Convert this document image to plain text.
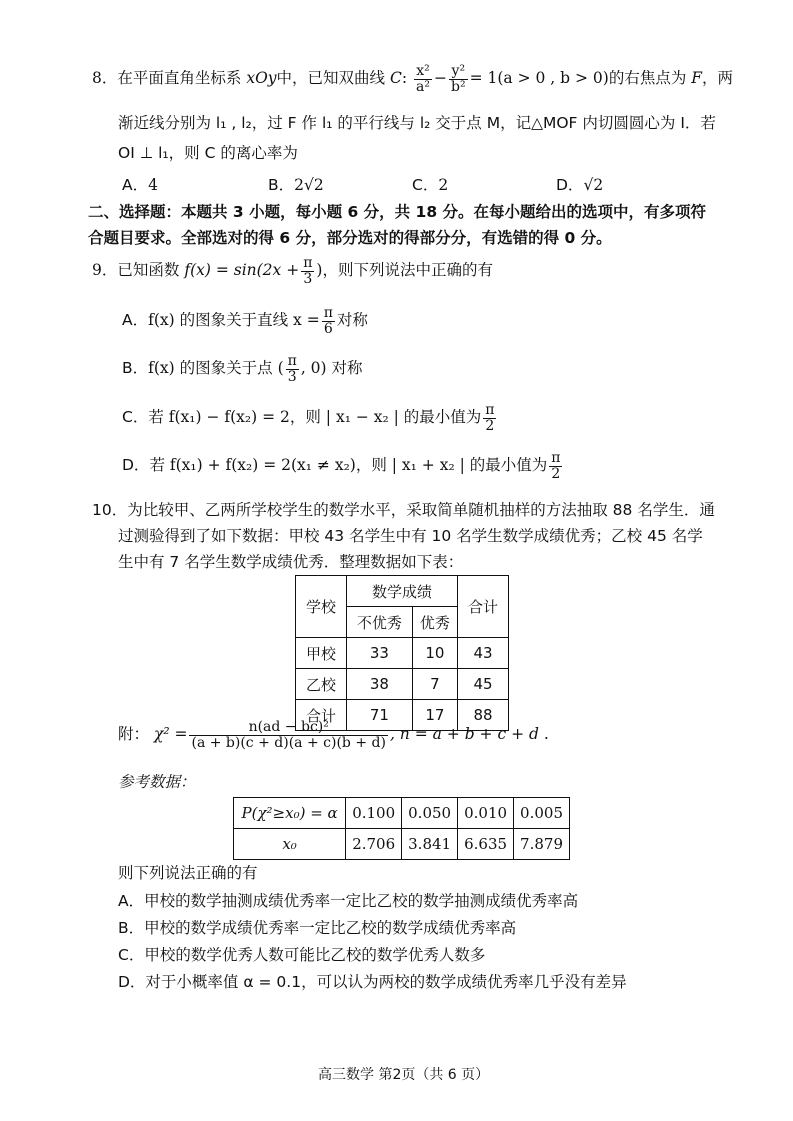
8．在平面直角坐标系 xOy中，已知双曲线 C: $\frac{\text{x²}}{\text{a²}} - \frac{\text{y²}}{\text{b²}} = 1(a > 0$ , b > 0)的右焦点为 F，两
渐近线分别为 l₁ , l₂，过 F 作 l₁ 的平行线与 l₂ 交于点 M，记△MOF 内切圆圆心为 I．若
OI ⊥ l₁，则 C 的离心率为
A．4	B．2√2	C．2	D．√2
二、选择题：本题共 3 小题，每小题 6 分，共 18 分。在每小题给出的选项中，有多项符
合题目要求。全部选对的得 6 分，部分选对的得部分分，有选错的得 0 分。
9．已知函数 $f(x) = \sin(2x + \frac{\pi}{3}$ )，则下列说法中正确的有
A．f(x) 的图象关于直线 $x = \frac{\pi}{6}$ 对称
B．f(x) 的图象关于点 ( $\frac{\pi}{3}$ , 0) 对称
C．若 f(x₁) − f(x₂) = 2，则 | x₁ − x₂ | 的最小值为 $\frac{\pi}{2}$
D．若 f(x₁) + f(x₂) = 2(x₁ ≠ x₂)，则 | x₁ + x₂ | 的最小值为 $\frac{\pi}{2}$
10．为比较甲、乙两所学校学生的数学水平，采取简单随机抽样的方法抽取 88 名学生．通
过测验得到了如下数据：甲校 43 名学生中有 10 名学生数学成绩优秀；乙校 45 名学
生中有 7 名学生数学成绩优秀．整理数据如下表：
学校	数学成绩		合计
	不优秀	优秀	
甲校	33	10	43
乙校	38	7	45
合计	71	17	88
附： $\chi^2 = \frac{\text{n(ad − bc)²}}{(a + b)(c + d)(a + c)(b + d)}$ , n = a + b + c + d .
参考数据：
P(χ²≥x₀) = α	0.100	0.050	0.010	0.005
x₀	2.706	3.841	6.635	7.879
则下列说法正确的有
A．甲校的数学抽测成绩优秀率一定比乙校的数学抽测成绩优秀率高
B．甲校的数学成绩优秀率一定比乙校的数学成绩优秀率高
C．甲校的数学优秀人数可能比乙校的数学优秀人数多
D．对于小概率值 α = 0.1，可以认为两校的数学成绩优秀率几乎没有差异
高三数学 第2页（共 6 页）
